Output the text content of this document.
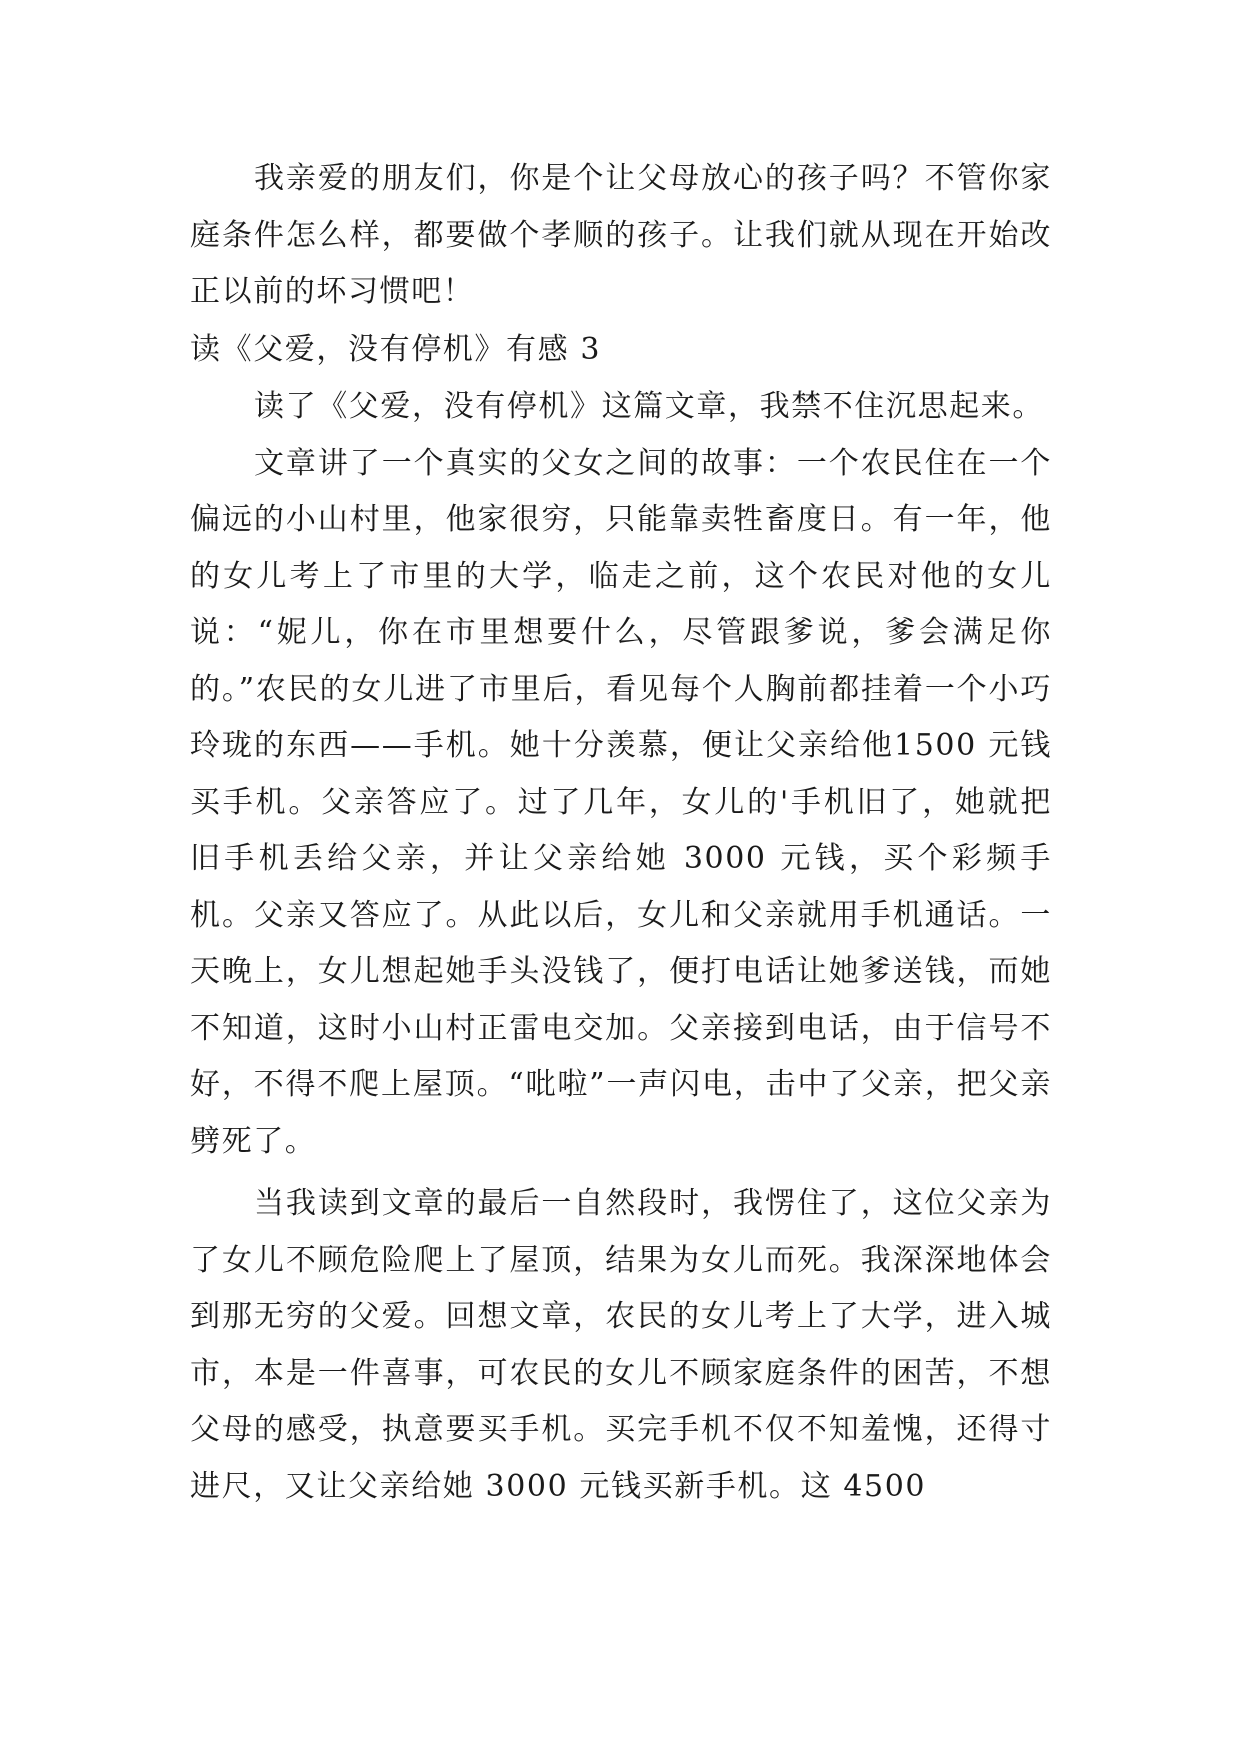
我亲爱的朋友们，你是个让父母放心的孩子吗？不管你家庭条件怎么样，都要做个孝顺的孩子。让我们就从现在开始改正以前的坏习惯吧！

读《父爱，没有停机》有感 3

读了《父爱，没有停机》这篇文章，我禁不住沉思起来。

文章讲了一个真实的父女之间的故事：一个农民住在一个偏远的小山村里，他家很穷，只能靠卖牲畜度日。有一年，他的女儿考上了市里的大学，临走之前，这个农民对他的女儿说：“妮儿，你在市里想要什么，尽管跟爹说，爹会满足你的。”农民的女儿进了市里后，看见每个人胸前都挂着一个小巧玲珑的东西——手机。她十分羡慕，便让父亲给他1500 元钱买手机。父亲答应了。过了几年，女儿的'手机旧了，她就把旧手机丢给父亲，并让父亲给她 3000 元钱，买个彩频手机。父亲又答应了。从此以后，女儿和父亲就用手机通话。一天晚上，女儿想起她手头没钱了，便打电话让她爹送钱，而她不知道，这时小山村正雷电交加。父亲接到电话，由于信号不好，不得不爬上屋顶。“吡啦”一声闪电，击中了父亲，把父亲劈死了。

当我读到文章的最后一自然段时，我愣住了，这位父亲为了女儿不顾危险爬上了屋顶，结果为女儿而死。我深深地体会到那无穷的父爱。回想文章，农民的女儿考上了大学，进入城市，本是一件喜事，可农民的女儿不顾家庭条件的困苦，不想父母的感受，执意要买手机。买完手机不仅不知羞愧，还得寸进尺，又让父亲给她 3000 元钱买新手机。这 4500
